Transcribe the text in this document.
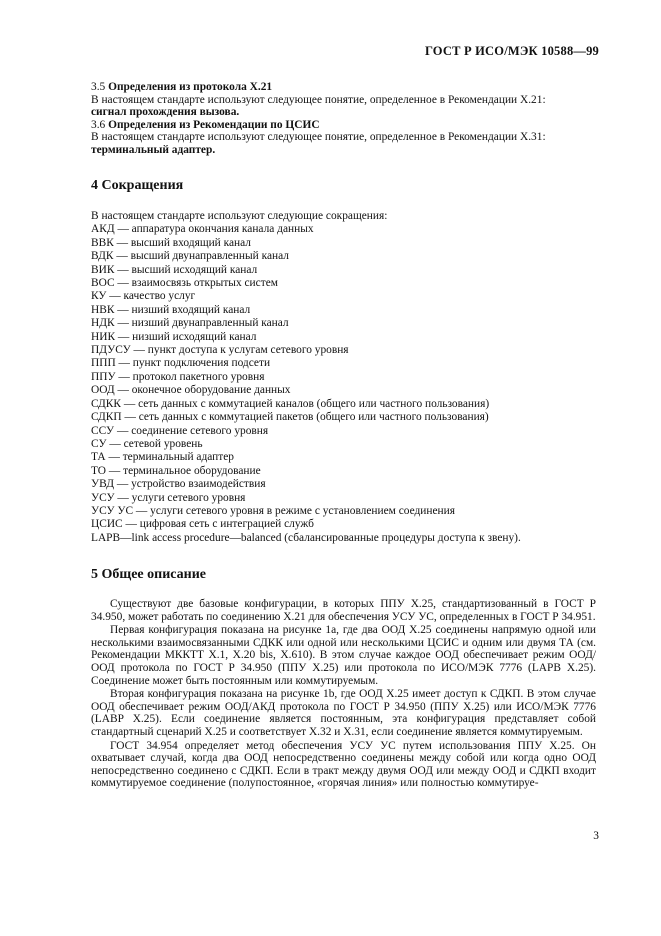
ГОСТ Р ИСО/МЭК 10588—99

3.5 Определения из протокола X.21

В настоящем стандарте используют следующее понятие, определенное в Рекомендации X.21:

сигнал прохождения вызова.

3.6 Определения из Рекомендации по ЦСИС

В настоящем стандарте используют следующее понятие, определенное в Рекомендации X.31:

терминальный адаптер.

4 Сокращения
В настоящем стандарте используют следующие сокращения:
АКД — аппаратура окончания канала данных
ВВК — высший входящий канал
ВДК — высший двунаправленный канал
ВИК — высший исходящий канал
ВОС — взаимосвязь открытых систем
КУ — качество услуг
НВК — низший входящий канал
НДК — низший двунаправленный канал
НИК — низший исходящий канал
ПДУСУ — пункт доступа к услугам сетевого уровня
ППП — пункт подключения подсети
ППУ — протокол пакетного уровня
ООД — оконечное оборудование данных
СДКК — сеть данных с коммутацией каналов (общего или частного пользования)
СДКП — сеть данных с коммутацией пакетов (общего или частного пользования)
ССУ — соединение сетевого уровня
СУ — сетевой уровень
ТА — терминальный адаптер
ТО — терминальное оборудование
УВД — устройство взаимодействия
УСУ — услуги сетевого уровня
УСУ УС — услуги сетевого уровня в режиме с установлением соединения
ЦСИС — цифровая сеть с интеграцией служб
LAPB—link access procedure—balanced (сбалансированные процедуры доступа к звену).
5 Общее описание

Существуют две базовые конфигурации, в которых ППУ X.25, стандартизованный в ГОСТ Р 34.950, может работать по соединению X.21 для обеспечения УСУ УС, определенных в ГОСТ Р 34.951.

Первая конфигурация показана на рисунке 1a, где два ООД X.25 соединены напрямую одной или несколькими взаимосвязанными СДКК или одной или несколькими ЦСИС и одним или двумя ТА (см. Рекомендации МККТТ X.1, X.20 bis, X.610). В этом случае каждое ООД обеспечивает режим ООД/ООД протокола по ГОСТ Р 34.950 (ППУ X.25) или протокола по ИСО/МЭК 7776 (LAPB X.25). Соединение может быть постоянным или коммутируемым.

Вторая конфигурация показана на рисунке 1b, где ООД X.25 имеет доступ к СДКП. В этом случае ООД обеспечивает режим ООД/АКД протокола по ГОСТ Р 34.950 (ППУ X.25) или ИСО/МЭК 7776 (LABP X.25). Если соединение является постоянным, эта конфигурация представляет собой стандартный сценарий X.25 и соответствует X.32 и X.31, если соединение является коммутируемым.

ГОСТ 34.954 определяет метод обеспечения УСУ УС путем использования ППУ X.25. Он охватывает случай, когда два ООД непосредственно соединены между собой или когда одно ООД непосредственно соединено с СДКП. Если в тракт между двумя ООД или между ООД и СДКП входит коммутируемое соединение (полупостоянное, «горячая линия» или полностью коммутируе-

3
